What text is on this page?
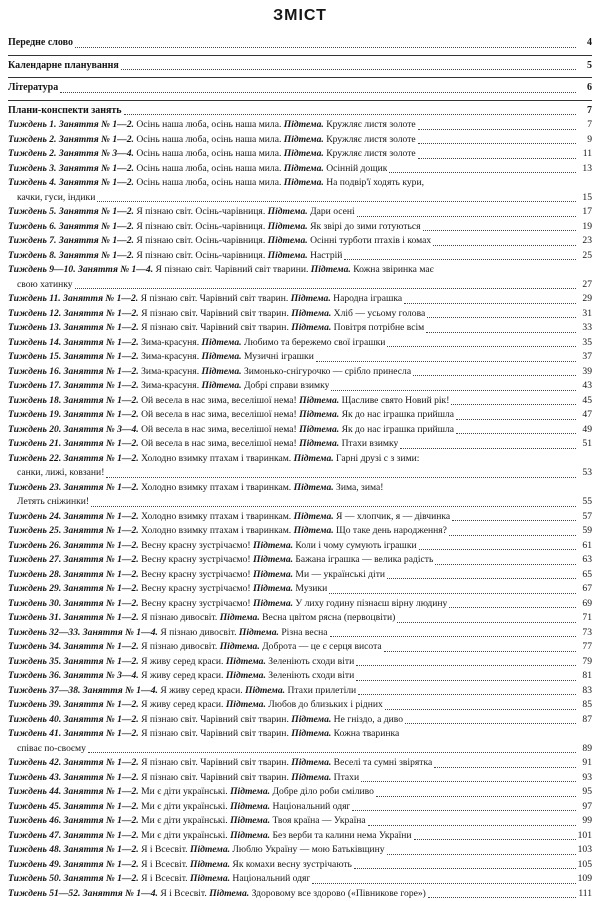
ЗМІСТ
Передне слово	4
Календарне планування	5
Література	6
Плани-конспекти занять	7
Тиждень 1. Заняття № 1—2. Осінь наша люба, осінь наша мила. Підтема. Кружляє листя золоте	7
Тиждень 2. Заняття № 1—2. Осінь наша люба, осінь наша мила. Підтема. Кружляє листя золоте	9
Тиждень 2. Заняття № 3—4. Осінь наша люба, осінь наша мила. Підтема. Кружляє листя золоте	11
Тиждень 3. Заняття № 1—2. Осінь наша люба, осінь наша мила. Підтема. Осінній дощик	13
Тиждень 4. Заняття № 1—2. Осінь наша люба, осінь наша мила. Підтема. На подвір'ї ходять кури,
качки, гуси, індики	15
Тиждень 5. Заняття № 1—2. Я пізнаю світ. Осінь-чарівниця. Підтема. Дари осені	17
Тиждень 6. Заняття № 1—2. Я пізнаю світ. Осінь-чарівниця. Підтема. Як звірі до зими готуються	19
Тиждень 7. Заняття № 1—2. Я пізнаю світ. Осінь-чарівниця. Підтема. Осінні турботи птахів і комах	23
Тиждень 8. Заняття № 1—2. Я пізнаю світ. Осінь-чарівниця. Підтема. Настрій	25
Тиждень 9—10. Заняття № 1—4. Я пізнаю світ. Чарівний світ тварини. Підтема. Кожна звіринка має
свою хатинку	27
Тиждень 11. Заняття № 1—2. Я пізнаю світ. Чарівний світ тварин. Підтема. Народна іграшка	29
Тиждень 12. Заняття № 1—2. Я пізнаю світ. Чарівний світ тварин. Підтема. Хліб — усьому голова	31
Тиждень 13. Заняття № 1—2. Я пізнаю світ. Чарівний світ тварин. Підтема. Повітря потрібне всім	33
Тиждень 14. Заняття № 1—2. Зима-красуня. Підтема. Любимо та бережемо свої іграшки	35
Тиждень 15. Заняття № 1—2. Зима-красуня. Підтема. Музичні іграшки	37
Тиждень 16. Заняття № 1—2. Зима-красуня. Підтема. Зимонько-снігурочко — срібло принесла	39
Тиждень 17. Заняття № 1—2. Зима-красуня. Підтема. Добрі справи взимку	43
Тиждень 18. Заняття № 1—2. Ой весела в нас зима, веселішої нема! Підтема. Щасливе свято Новий рік!	45
Тиждень 19. Заняття № 1—2. Ой весела в нас зима, веселішої нема! Підтема. Як до нас іграшка прийшла	47
Тиждень 20. Заняття № 3—4. Ой весела в нас зима, веселішої нема! Підтема. Як до нас іграшка прийшла	49
Тиждень 21. Заняття № 1—2. Ой весела в нас зима, веселішої нема! Підтема. Птахи взимку	51
Тиждень 22. Заняття № 1—2. Холодно взимку птахам і тваринкам. Підтема. Гарні друзі с з зими:
санки, лижі, ковзани!	53
Тиждень 23. Заняття № 1—2. Холодно взимку птахам і тваринкам. Підтема. Зима, зима!
Летять сніжинки!	55
Тиждень 24. Заняття № 1—2. Холодно взимку птахам і тваринкам. Підтема. Я — хлопчик, я — дівчинка	57
Тиждень 25. Заняття № 1—2. Холодно взимку птахам і тваринкам. Підтема. Що таке день народження?	59
Тиждень 26. Заняття № 1—2. Весну красну зустрічаємо! Підтема. Коли і чому сумують іграшки	61
Тиждень 27. Заняття № 1—2. Весну красну зустрічаємо! Підтема. Бажана іграшка — велика радість	63
Тиждень 28. Заняття № 1—2. Весну красну зустрічаємо! Підтема. Ми — українські діти	65
Тиждень 29. Заняття № 1—2. Весну красну зустрічаємо! Підтема. Музики	67
Тиждень 30. Заняття № 1—2. Весну красну зустрічаємо! Підтема. У лиху годину пізнаєш вірну людину	69
Тиждень 31. Заняття № 1—2. Я пізнаю дивосвіт. Підтема. Весна цвітом рясна (первоцвіти)	71
Тиждень 32—33. Заняття № 1—4. Я пізнаю дивосвіт. Підтема. Різна весна	73
Тиждень 34. Заняття № 1—2. Я пізнаю дивосвіт. Підтема. Доброта — це є серця висота	77
Тиждень 35. Заняття № 1—2. Я живу серед краси. Підтема. Зеленіють сходи віти	79
Тиждень 36. Заняття № 3—4. Я живу серед краси. Підтема. Зеленіють сходи віти	81
Тиждень 37—38. Заняття № 1—4. Я живу серед краси. Підтема. Птахи прилетіли	83
Тиждень 39. Заняття № 1—2. Я живу серед краси. Підтема. Любов до близьких і рідних	85
Тиждень 40. Заняття № 1—2. Я пізнаю світ. Чарівний світ тварин. Підтема. Не гніздо, а диво	87
Тиждень 41. Заняття № 1—2. Я пізнаю світ. Чарівний світ тварин. Підтема. Кожна тваринка
співає по-своєму	89
Тиждень 42. Заняття № 1—2. Я пізнаю світ. Чарівний світ тварин. Підтема. Веселі та сумні звірятка	91
Тиждень 43. Заняття № 1—2. Я пізнаю світ. Чарівний світ тварин. Підтема. Птахи	93
Тиждень 44. Заняття № 1—2. Ми є діти українські. Підтема. Добре діло роби сміливо	95
Тиждень 45. Заняття № 1—2. Ми є діти українські. Підтема. Національний одяг	97
Тиждень 46. Заняття № 1—2. Ми є діти українські. Підтема. Твоя країна — Україна	99
Тиждень 47. Заняття № 1—2. Ми є діти українські. Підтема. Без верби та калини нема України	101
Тиждень 48. Заняття № 1—2. Я і Всесвіт. Підтема. Люблю Україну — мою Батьківщину	103
Тиждень 49. Заняття № 1—2. Я і Всесвіт. Підтема. Як комахи весну зустрічають	105
Тиждень 50. Заняття № 1—2. Я і Всесвіт. Підтема. Національний одяг	109
Тиждень 51—52. Заняття № 1—4. Я і Всесвіт. Підтема. Здоровому все здорово («Півникове горе»)	111
